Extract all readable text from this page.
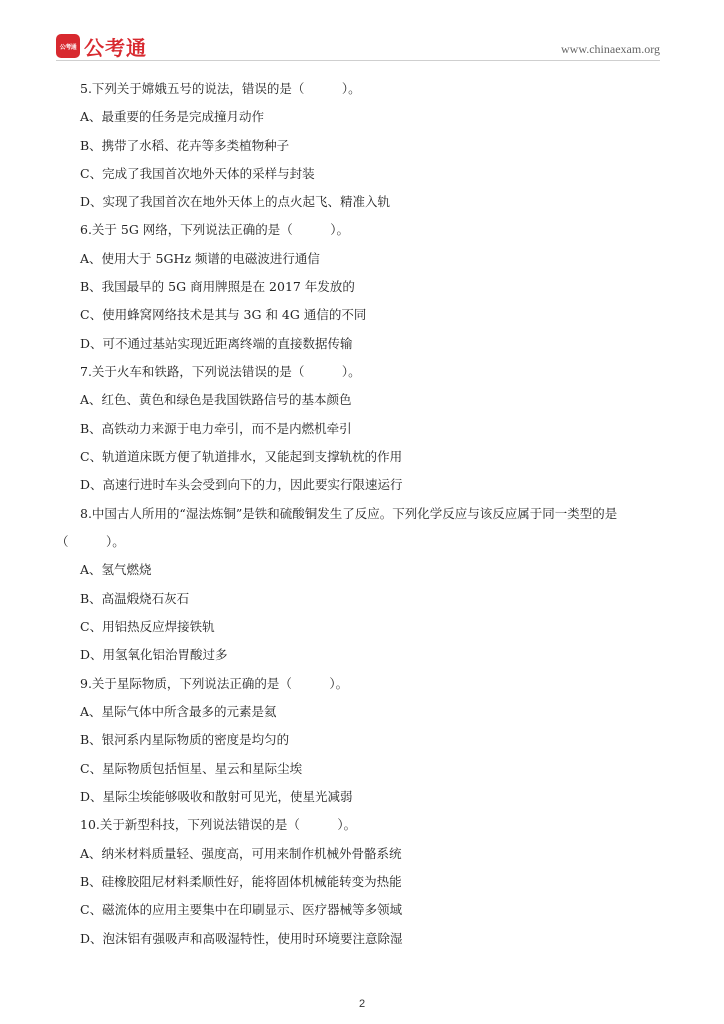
公考通 公考通	www.chinaexam.org
5.下列关于嫦娥五号的说法，错误的是（　　　）。
A、最重要的任务是完成撞月动作
B、携带了水稻、花卉等多类植物种子
C、完成了我国首次地外天体的采样与封装
D、实现了我国首次在地外天体上的点火起飞、精准入轨
6.关于 5G 网络，下列说法正确的是（　　　）。
A、使用大于 5GHz 频谱的电磁波进行通信
B、我国最早的 5G 商用牌照是在 2017 年发放的
C、使用蜂窝网络技术是其与 3G 和 4G 通信的不同
D、可不通过基站实现近距离终端的直接数据传输
7.关于火车和铁路，下列说法错误的是（　　　）。
A、红色、黄色和绿色是我国铁路信号的基本颜色
B、高铁动力来源于电力牵引，而不是内燃机牵引
C、轨道道床既方便了轨道排水，又能起到支撑轨枕的作用
D、高速行进时车头会受到向下的力，因此要实行限速运行
8.中国古人所用的“湿法炼铜”是铁和硫酸铜发生了反应。下列化学反应与该反应属于同一类型的是
（　　　）。
A、氢气燃烧
B、高温煅烧石灰石
C、用铝热反应焊接铁轨
D、用氢氧化铝治胃酸过多
9.关于星际物质，下列说法正确的是（　　　）。
A、星际气体中所含最多的元素是氦
B、银河系内星际物质的密度是均匀的
C、星际物质包括恒星、星云和星际尘埃
D、星际尘埃能够吸收和散射可见光，使星光减弱
10.关于新型科技，下列说法错误的是（　　　）。
A、纳米材料质量轻、强度高，可用来制作机械外骨骼系统
B、硅橡胶阻尼材料柔顺性好，能将固体机械能转变为热能
C、磁流体的应用主要集中在印刷显示、医疗器械等多领域
D、泡沫铝有强吸声和高吸湿特性，使用时环境要注意除湿
2
